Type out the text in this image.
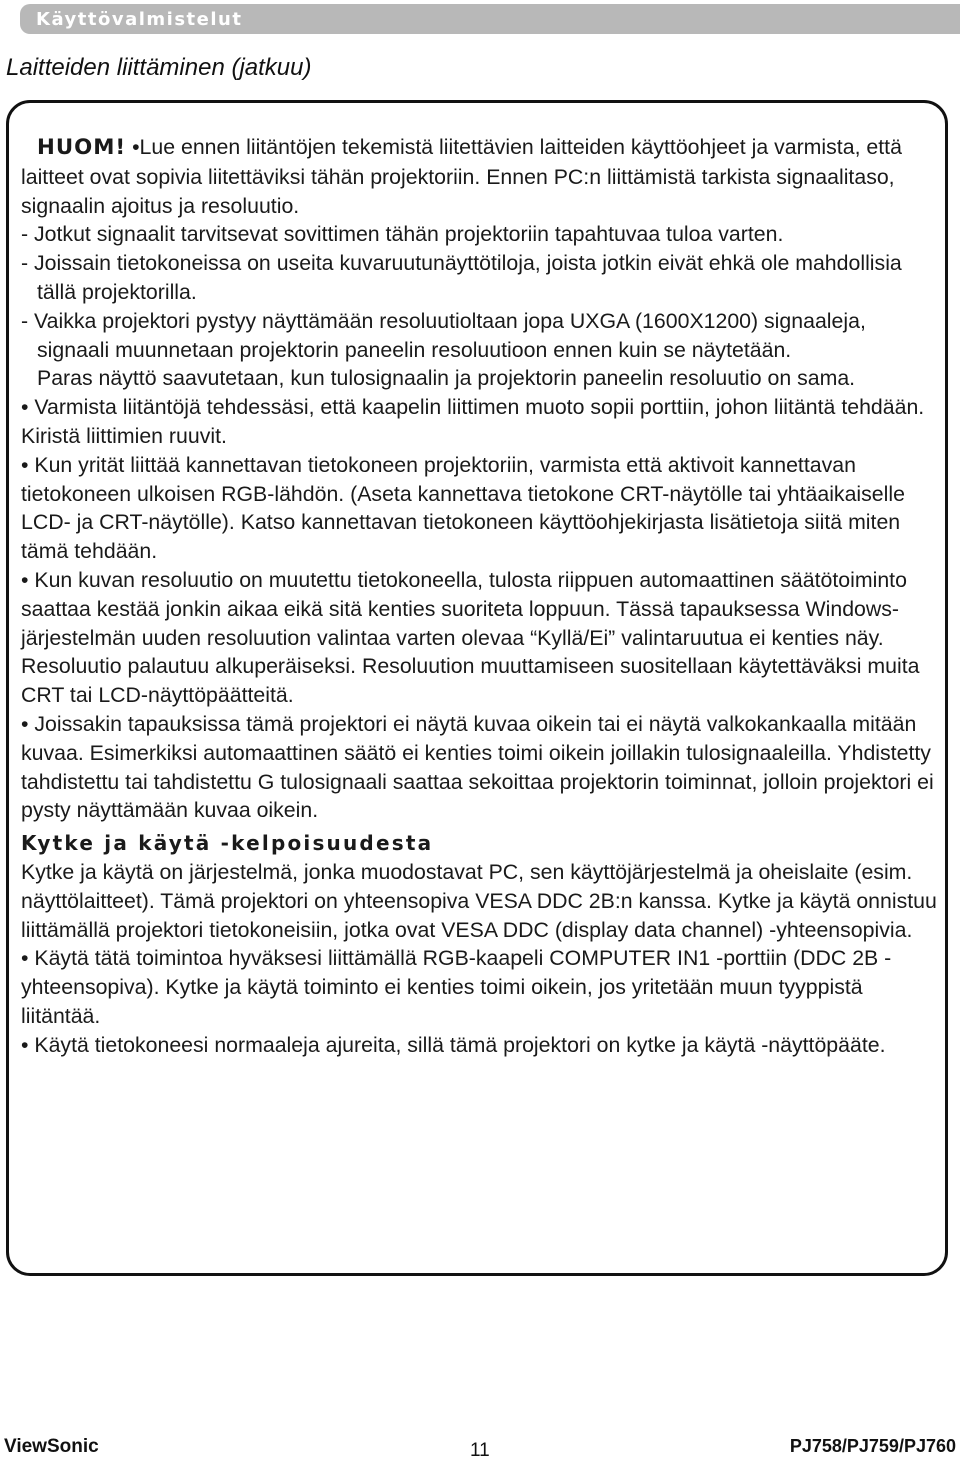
Käyttövalmistelut
Laitteiden liittäminen (jatkuu)

HUOM! •Lue ennen liitäntöjen tekemistä liitettävien laitteiden käyttöohjeet ja varmista, että laitteet ovat sopivia liitettäviksi tähän projektoriin. Ennen PC:n liittämistä tarkista signaalitaso, signaalin ajoitus ja resoluutio.

- Jotkut signaalit tarvitsevat sovittimen tähän projektoriin tapahtuvaa tuloa varten.

- Joissain tietokoneissa on useita kuvaruutunäyttötiloja, joista jotkin eivät ehkä ole mahdollisia tällä projektorilla.

- Vaikka projektori pystyy näyttämään resoluutioltaan jopa UXGA (1600X1200) signaaleja, signaali muunnetaan projektorin paneelin resoluutioon ennen kuin se näytetään.

Paras näyttö saavutetaan, kun tulosignaalin ja projektorin paneelin resoluutio on sama.

• Varmista liitäntöjä tehdessäsi, että kaapelin liittimen muoto sopii porttiin, johon liitäntä tehdään. Kiristä liittimien ruuvit.

• Kun yrität liittää kannettavan tietokoneen projektoriin, varmista että aktivoit kannettavan tietokoneen ulkoisen RGB-lähdön. (Aseta kannettava tietokone CRT-näytölle tai yhtäaikaiselle LCD- ja CRT-näytölle). Katso kannettavan tietokoneen käyttöohjekirjasta lisätietoja siitä miten tämä tehdään.

• Kun kuvan resoluutio on muutettu tietokoneella, tulosta riippuen automaattinen säätötoiminto saattaa kestää jonkin aikaa eikä sitä kenties suoriteta loppuun. Tässä tapauksessa Windows-järjestelmän uuden resoluution valintaa varten olevaa “Kyllä/Ei” valintaruutua ei kenties näy. Resoluutio palautuu alkuperäiseksi. Resoluution muuttamiseen suositellaan käytettäväksi muita CRT tai LCD-näyttöpäätteitä.

• Joissakin tapauksissa tämä projektori ei näytä kuvaa oikein tai ei näytä valkokankaalla mitään kuvaa. Esimerkiksi automaattinen säätö ei kenties toimi oikein joillakin tulosignaaleilla. Yhdistetty tahdistettu tai tahdistettu G tulosignaali saattaa sekoittaa projektorin toiminnat, jolloin projektori ei pysty näyttämään kuvaa oikein.

Kytke ja käytä -kelpoisuudesta

Kytke ja käytä on järjestelmä, jonka muodostavat PC, sen käyttöjärjestelmä ja oheislaite (esim. näyttölaitteet). Tämä projektori on yhteensopiva VESA DDC 2B:n kanssa. Kytke ja käytä onnistuu liittämällä projektori tietokoneisiin, jotka ovat VESA DDC (display data channel) -yhteensopivia.

• Käytä tätä toimintoa hyväksesi liittämällä RGB-kaapeli COMPUTER IN1 -porttiin (DDC 2B -yhteensopiva). Kytke ja käytä toiminto ei kenties toimi oikein, jos yritetään muun tyyppistä liitäntää.

• Käytä tietokoneesi normaaleja ajureita, sillä tämä projektori on kytke ja käytä -näyttöpääte.

ViewSonic	11	PJ758/PJ759/PJ760
